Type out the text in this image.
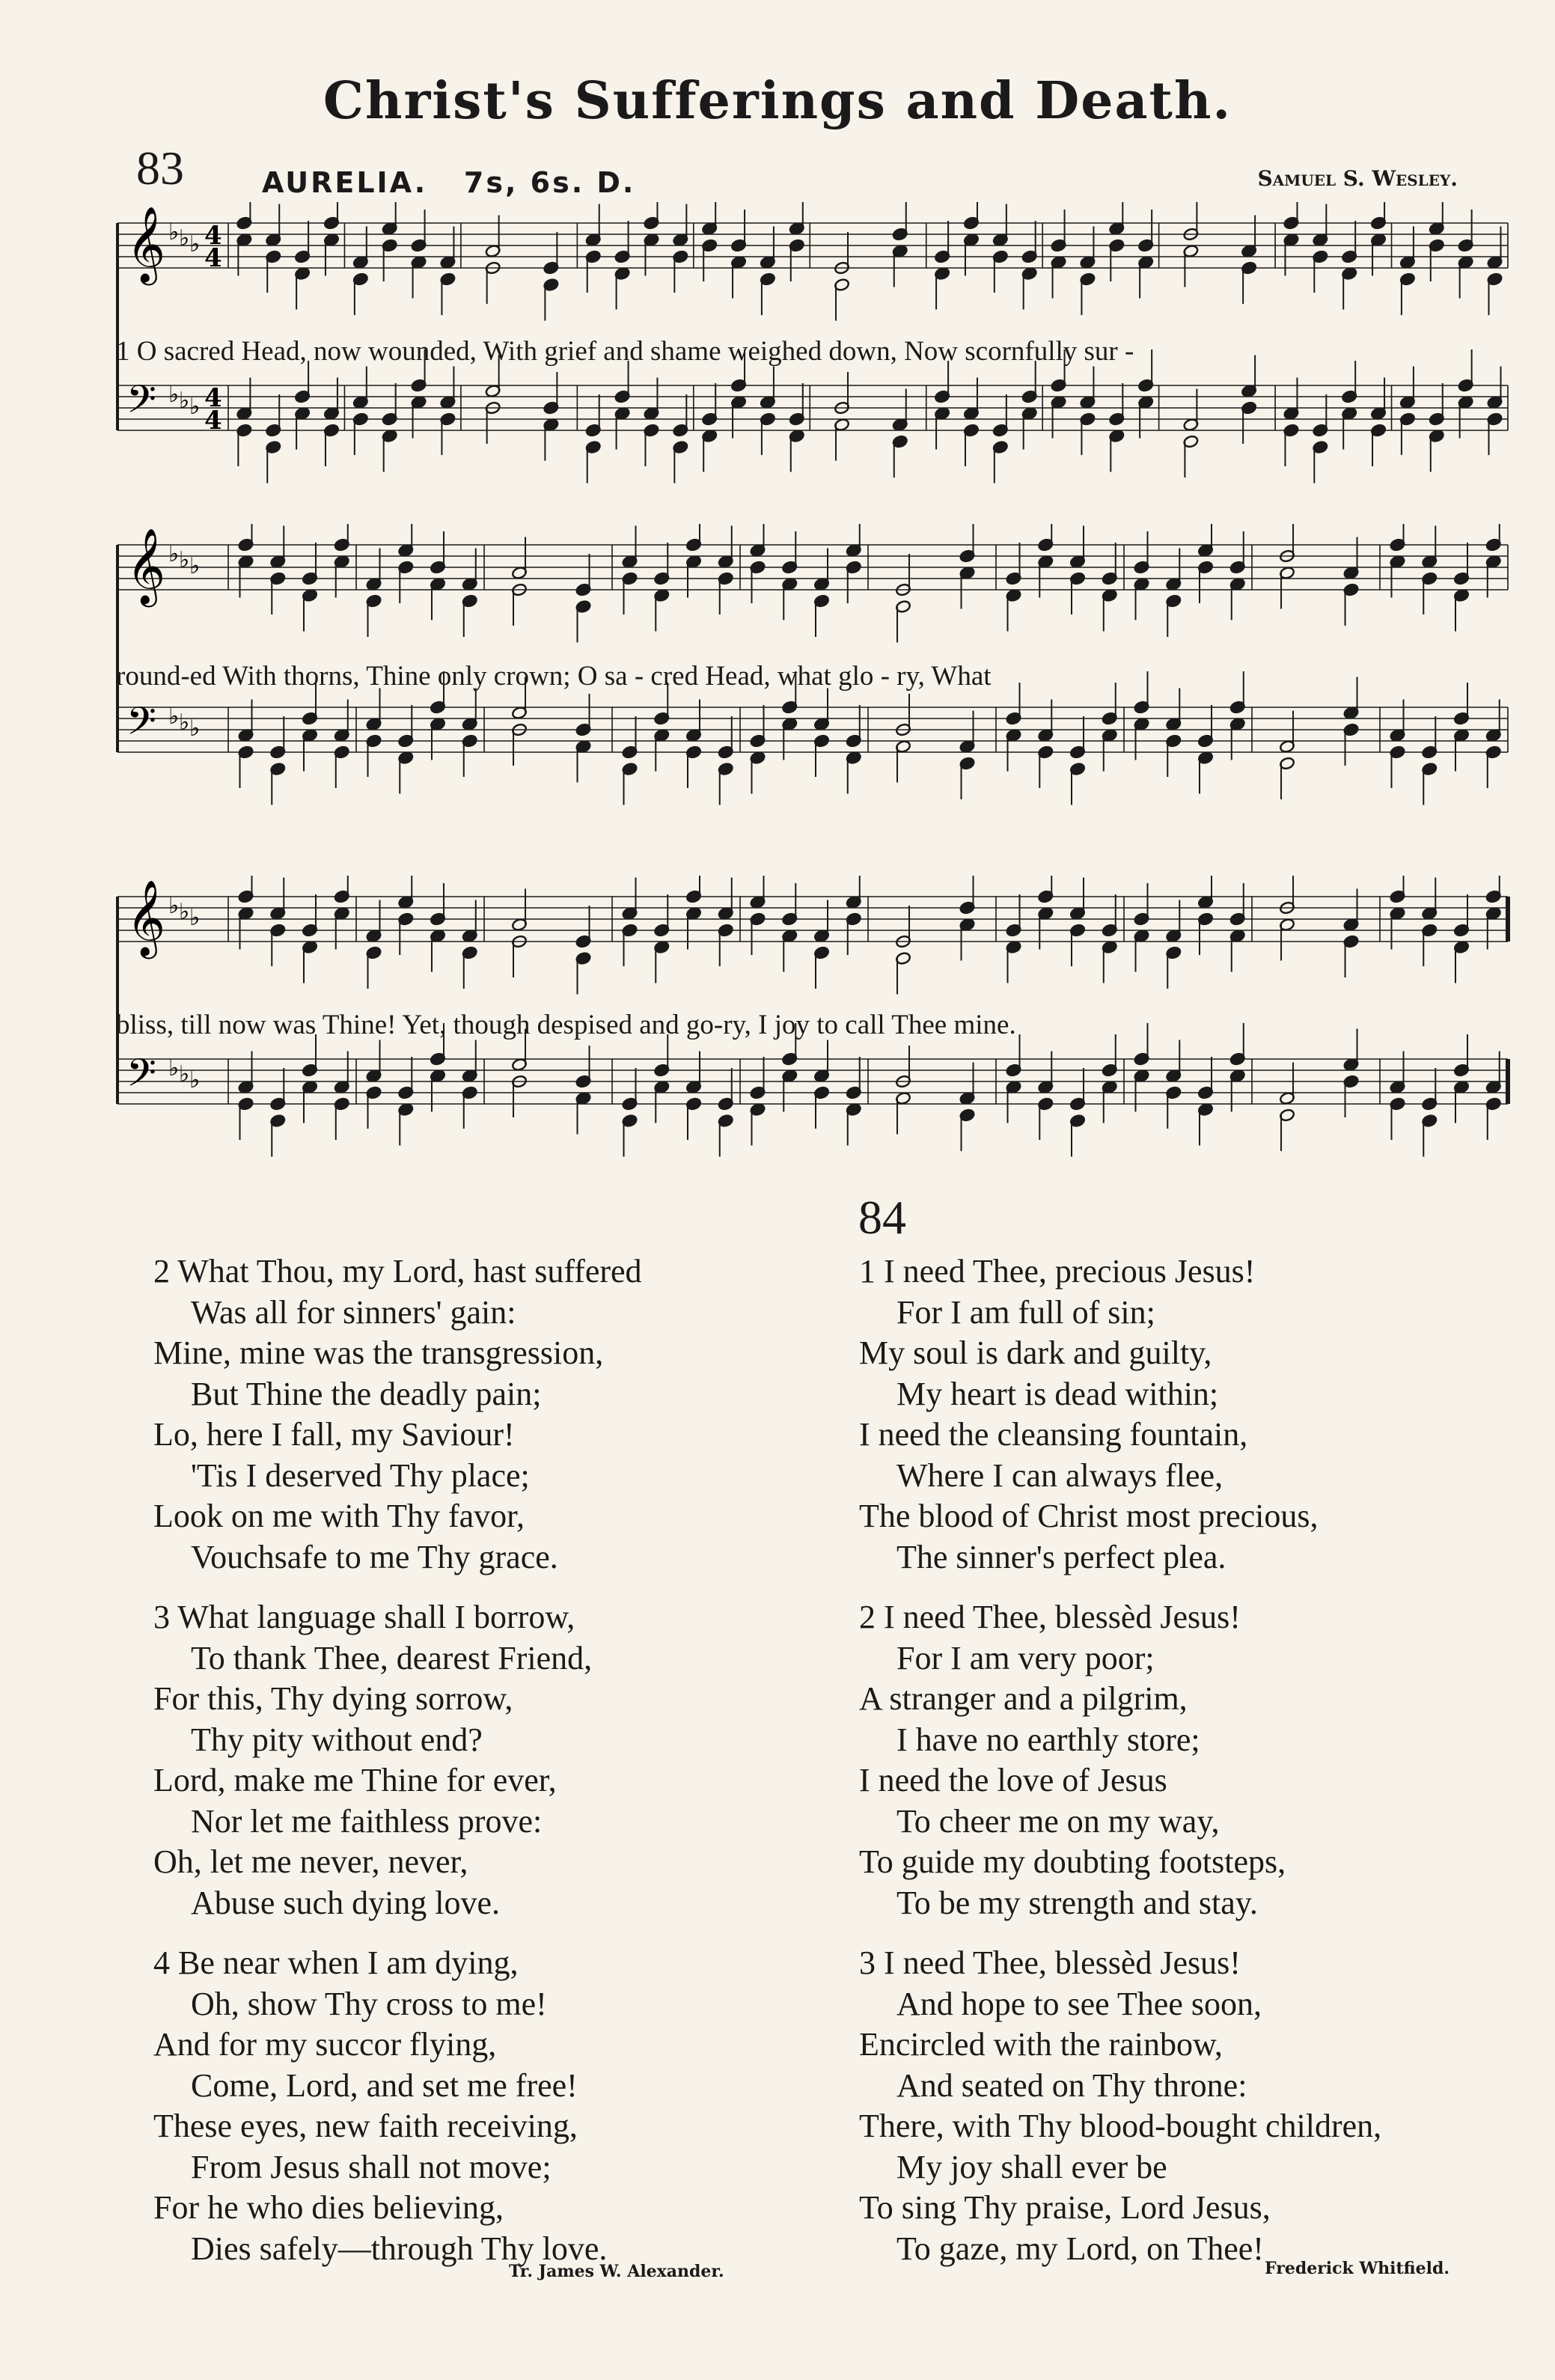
Christ's Sufferings and Death.
83	AURELIA. 7s, 6s. D.	Samuel S. Wesley.
𝄞 ♭ ♭ ♭
𝄢 ♭ ♭ ♭
4
4
4
4
1 O sacred Head, now wounded, With grief and shame weighed down, Now scornfully sur -
𝄞 ♭ ♭ ♭
𝄢 ♭ ♭ ♭
round-ed With thorns, Thine only crown; O sa - cred Head, what glo - ry, What
𝄞 ♭ ♭ ♭
𝄢 ♭ ♭ ♭
bliss, till now was Thine! Yet, though despised and go-ry, I joy to call Thee mine.
84
2 What Thou, my Lord, hast suffered
Was all for sinners' gain:
Mine, mine was the transgression,
But Thine the deadly pain;
Lo, here I fall, my Saviour!
'Tis I deserved Thy place;
Look on me with Thy favor,
Vouchsafe to me Thy grace.
3 What language shall I borrow,
To thank Thee, dearest Friend,
For this, Thy dying sorrow,
Thy pity without end?
Lord, make me Thine for ever,
Nor let me faithless prove:
Oh, let me never, never,
Abuse such dying love.
4 Be near when I am dying,
Oh, show Thy cross to me!
And for my succor flying,
Come, Lord, and set me free!
These eyes, new faith receiving,
From Jesus shall not move;
For he who dies believing,
Dies safely—through Thy love.
Tr. James W. Alexander.
1 I need Thee, precious Jesus!
For I am full of sin;
My soul is dark and guilty,
My heart is dead within;
I need the cleansing fountain,
Where I can always flee,
The blood of Christ most precious,
The sinner's perfect plea.
2 I need Thee, blessèd Jesus!
For I am very poor;
A stranger and a pilgrim,
I have no earthly store;
I need the love of Jesus
To cheer me on my way,
To guide my doubting footsteps,
To be my strength and stay.
3 I need Thee, blessèd Jesus!
And hope to see Thee soon,
Encircled with the rainbow,
And seated on Thy throne:
There, with Thy blood-bought children,
My joy shall ever be
To sing Thy praise, Lord Jesus,
To gaze, my Lord, on Thee!
Frederick Whitfield.
